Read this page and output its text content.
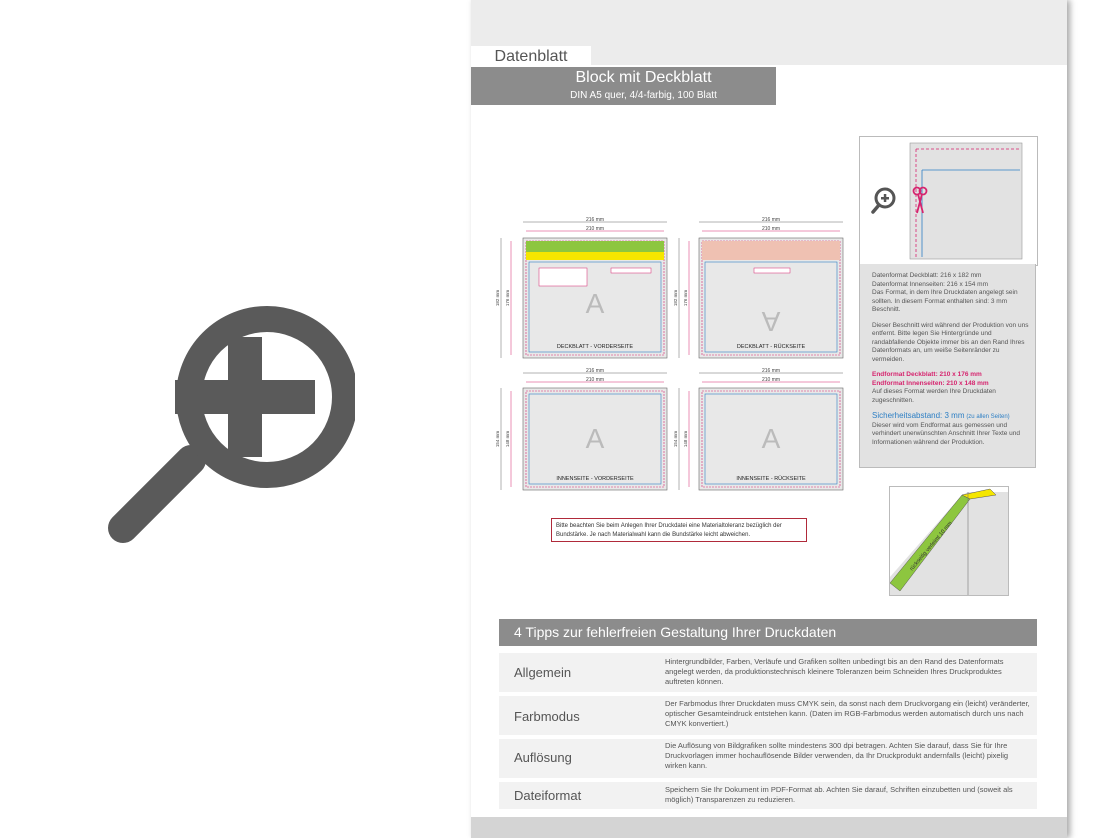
Datenblatt
Block mit Deckblatt
DIN A5 quer, 4/4-farbig, 100 Blatt
216 mm
210 mm
A
DECKBLATT - VORDERSEITE
182 mm 176 mm
216 mm
210 mm
A
DECKBLATT - RÜCKSEITE
182 mm 176 mm
216 mm
210 mm
A
INNENSEITE - VORDERSEITE
154 mm 148 mm
216 mm
210 mm
A
INNENSEITE - RÜCKSEITE
154 mm 148 mm
Bitte beachten Sie beim Anlegen Ihrer Druckdatei eine Materialtoleranz bezüglich der Bundstärke. Je nach Materialwahl kann die Bundstärke leicht abweichen.

Datenformat Deckblatt: 216 x 182 mm
Datenformat Innenseiten: 216 x 154 mm
Das Format, in dem Ihre Druckdaten angelegt sein sollten. In diesem Format enthalten sind: 3 mm Beschnitt.

Dieser Beschnitt wird während der Produktion von uns entfernt. Bitte legen Sie Hintergründe und randabfallende Objekte immer bis an den Rand Ihres Datenformats an, um weiße Seitenränder zu vermeiden.

Endformat Deckblatt: 210 x 176 mm
Endformat Innenseiten: 210 x 148 mm
Auf dieses Format werden Ihre Druckdaten zugeschnitten.

Sicherheitsabstand: 3 mm (zu allen Seiten)
Dieser wird vom Endformat aus gemessen und verhindert unerwünschten Anschnitt Ihrer Texte und Informationen während der Produktion.

rückseitig verleimt 10 mm
4 Tipps zur fehlerfreien Gestaltung Ihrer Druckdaten
Allgemein
Hintergrundbilder, Farben, Verläufe und Grafiken sollten unbedingt bis an den Rand des Datenformats angelegt werden, da produktionstechnisch kleinere Toleranzen beim Schneiden Ihres Druckproduktes auftreten können.
Farbmodus
Der Farbmodus Ihrer Druckdaten muss CMYK sein, da sonst nach dem Druckvorgang ein (leicht) veränderter, optischer Gesamteindruck entstehen kann. (Daten im RGB-Farbmodus werden automatisch durch uns nach CMYK konvertiert.)
Auflösung
Die Auflösung von Bildgrafiken sollte mindestens 300 dpi betragen. Achten Sie darauf, dass Sie für Ihre Druckvorlagen immer hochauflösende Bilder verwenden, da Ihr Druckprodukt andernfalls (leicht) pixelig wirken kann.
Dateiformat	Speichern Sie Ihr Dokument im PDF-Format ab. Achten Sie darauf, Schriften einzubetten und (soweit als möglich) Transparenzen zu reduzieren.
